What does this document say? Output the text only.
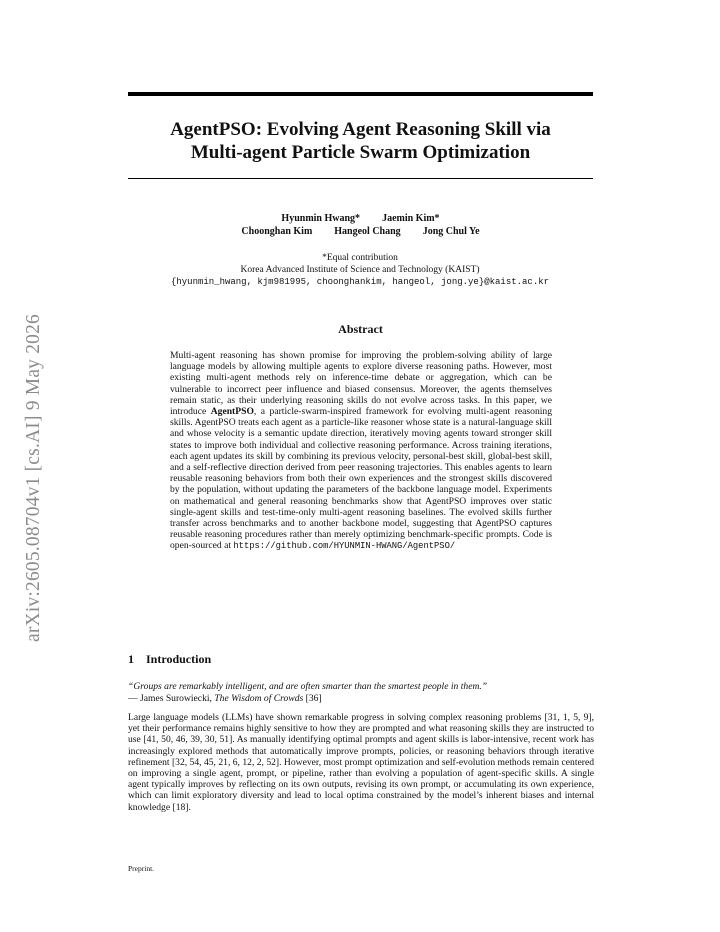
arXiv:2605.08704v1 [cs.AI] 9 May 2026
AgentPSO: Evolving Agent Reasoning Skill via
Multi-agent Particle Swarm Optimization
Hyunmin Hwang* Jaemin Kim*
Choonghan Kim Hangeol Chang Jong Chul Ye
*Equal contribution
Korea Advanced Institute of Science and Technology (KAIST)
{hyunmin_hwang, kjm981995, choonghankim, hangeol, jong.ye}@kaist.ac.kr
Abstract

Multi-agent reasoning has shown promise for improving the problem-solving ability of large language models by allowing multiple agents to explore diverse reasoning paths. However, most existing multi-agent methods rely on inference-time debate or aggregation, which can be vulnerable to incorrect peer influence and biased consensus. Moreover, the agents themselves remain static, as their underlying reasoning skills do not evolve across tasks. In this paper, we introduce AgentPSO, a particle-swarm-inspired framework for evolving multi-agent reasoning skills. AgentPSO treats each agent as a particle-like reasoner whose state is a natural-language skill and whose velocity is a semantic update direction, iteratively moving agents toward stronger skill states to improve both individual and collective reasoning performance. Across training iterations, each agent updates its skill by combining its previous velocity, personal-best skill, global-best skill, and a self-reflective direction derived from peer reasoning trajectories. This enables agents to learn reusable reasoning behaviors from both their own experiences and the strongest skills discovered by the population, without updating the parameters of the backbone language model. Experiments on mathematical and general reasoning benchmarks show that AgentPSO improves over static single-agent skills and test-time-only multi-agent reasoning baselines. The evolved skills further transfer across benchmarks and to another backbone model, suggesting that AgentPSO captures reusable reasoning procedures rather than merely optimizing benchmark-specific prompts. Code is open-sourced at https://github.com/HYUNMIN-HWANG/AgentPSO/

1 Introduction
“Groups are remarkably intelligent, and are often smarter than the smartest people in them.”
— James Surowiecki, The Wisdom of Crowds [36]

Large language models (LLMs) have shown remarkable progress in solving complex reasoning problems [31, 1, 5, 9], yet their performance remains highly sensitive to how they are prompted and what reasoning skills they are instructed to use [41, 50, 46, 39, 30, 51]. As manually identifying optimal prompts and agent skills is labor-intensive, recent work has increasingly explored methods that automatically improve prompts, policies, or reasoning behaviors through iterative refinement [32, 54, 45, 21, 6, 12, 2, 52]. However, most prompt optimization and self-evolution methods remain centered on improving a single agent, prompt, or pipeline, rather than evolving a population of agent-specific skills. A single agent typically improves by reflecting on its own outputs, revising its own prompt, or accumulating its own experience, which can limit exploratory diversity and lead to local optima constrained by the model’s inherent biases and internal knowledge [18].

Preprint.
